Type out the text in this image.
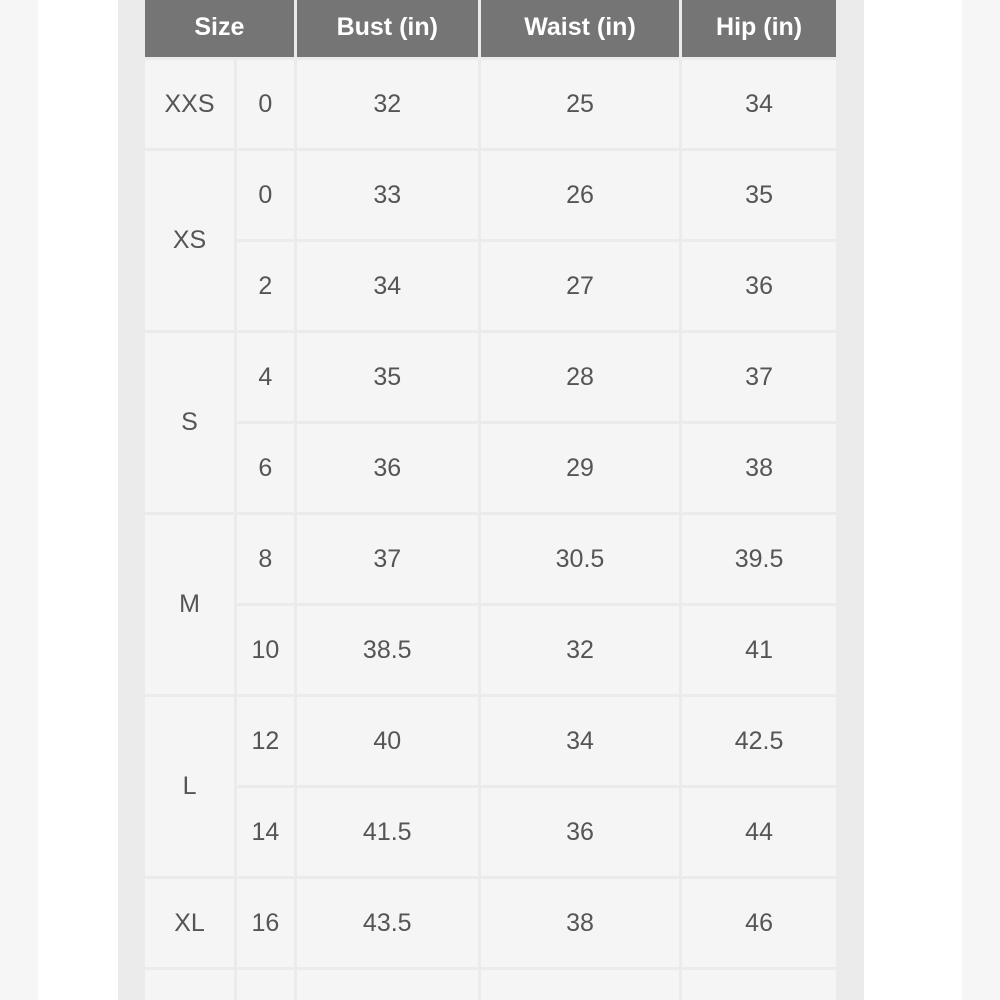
Size		Bust (in)	Waist (in)	Hip (in)
XXS	0	32	25	34
XS	0	33	26	35
	2	34	27	36
S	4	35	28	37
	6	36	29	38
M	8	37	30.5	39.5
	10	38.5	32	41
L	12	40	34	42.5
	14	41.5	36	44
XL	16	43.5	38	46
